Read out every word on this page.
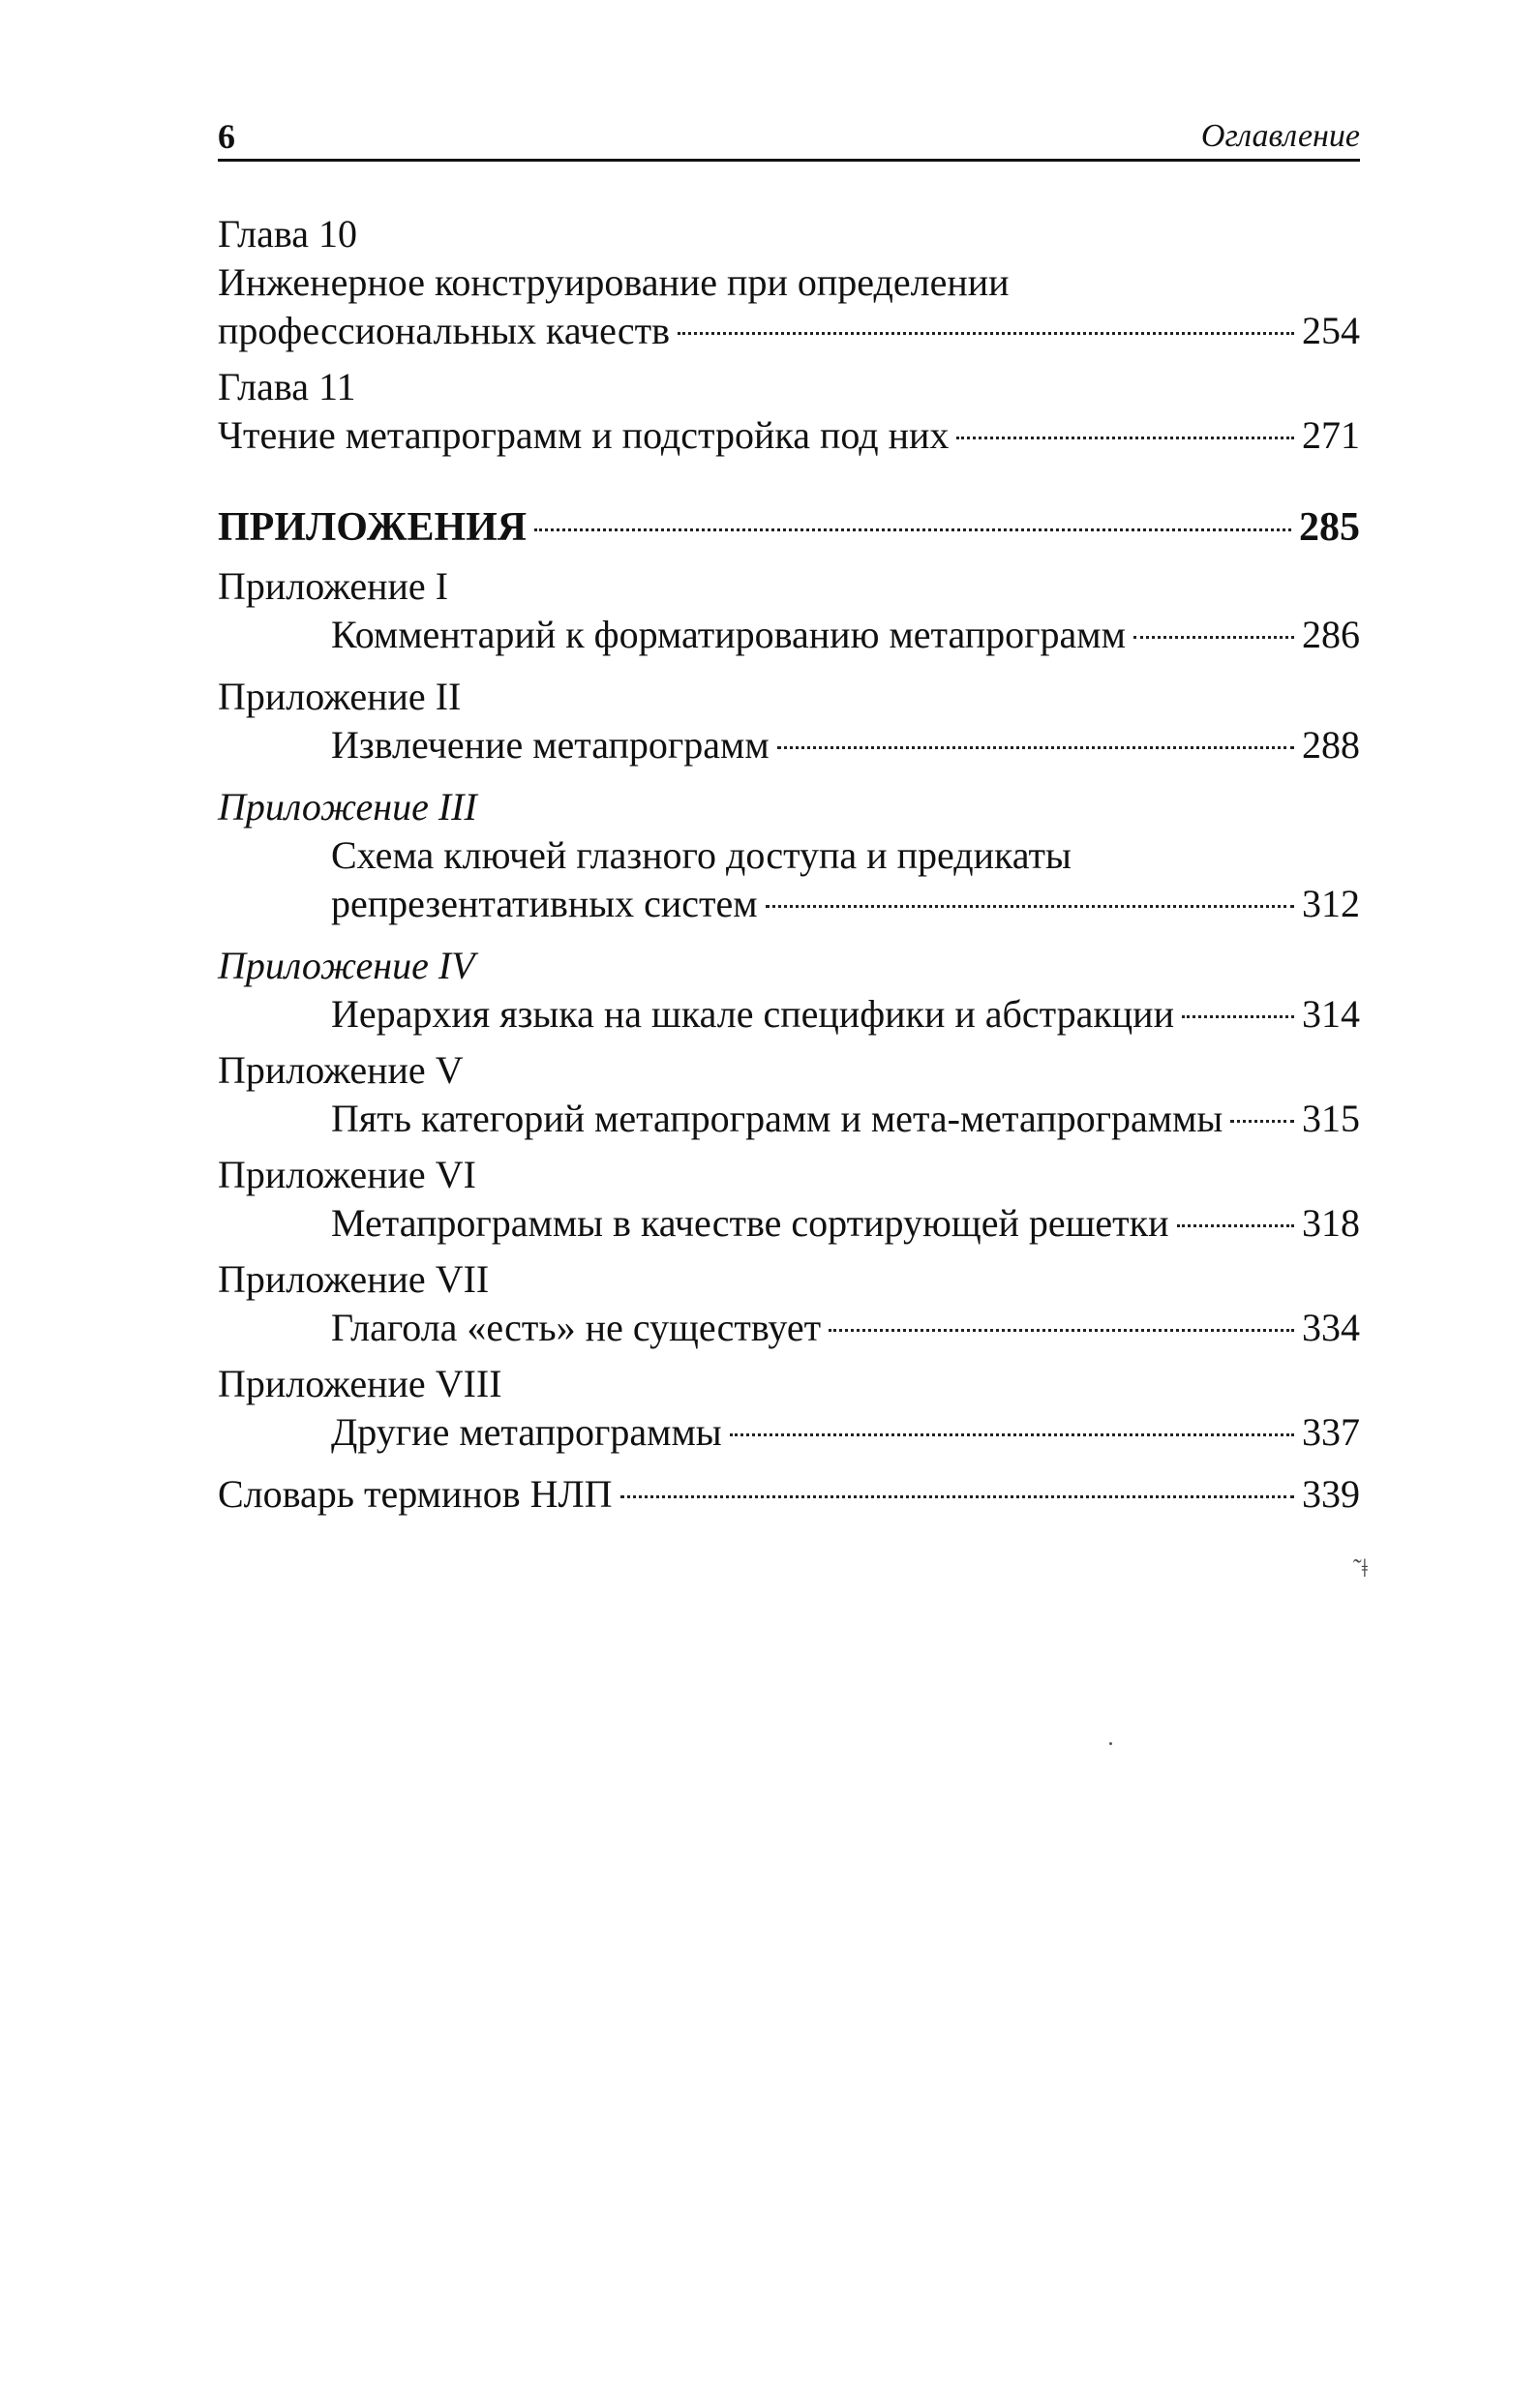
6	Оглавление
Глава 10
Инженерное конструирование при определении
профессиональных качеств	254
Глава 11
Чтение метапрограмм и подстройка под них	271
ПРИЛОЖЕНИЯ	285
Приложение I
Комментарий к форматированию метапрограмм	286
Приложение II
Извлечение метапрограмм	288
Приложение III
Схема ключей глазного доступа и предикаты
репрезентативных систем	312
Приложение IV
Иерархия языка на шкале специфики и абстракции	314
Приложение V
Пять категорий метапрограмм и мета-метапрограммы 315
Приложение VI
Метапрограммы в качестве сортирующей решетки	318
Приложение VII
Глагола «есть» не существует	334
Приложение VIII
Другие метапрограммы	337
Словарь терминов НЛП	339
˜ǂ
